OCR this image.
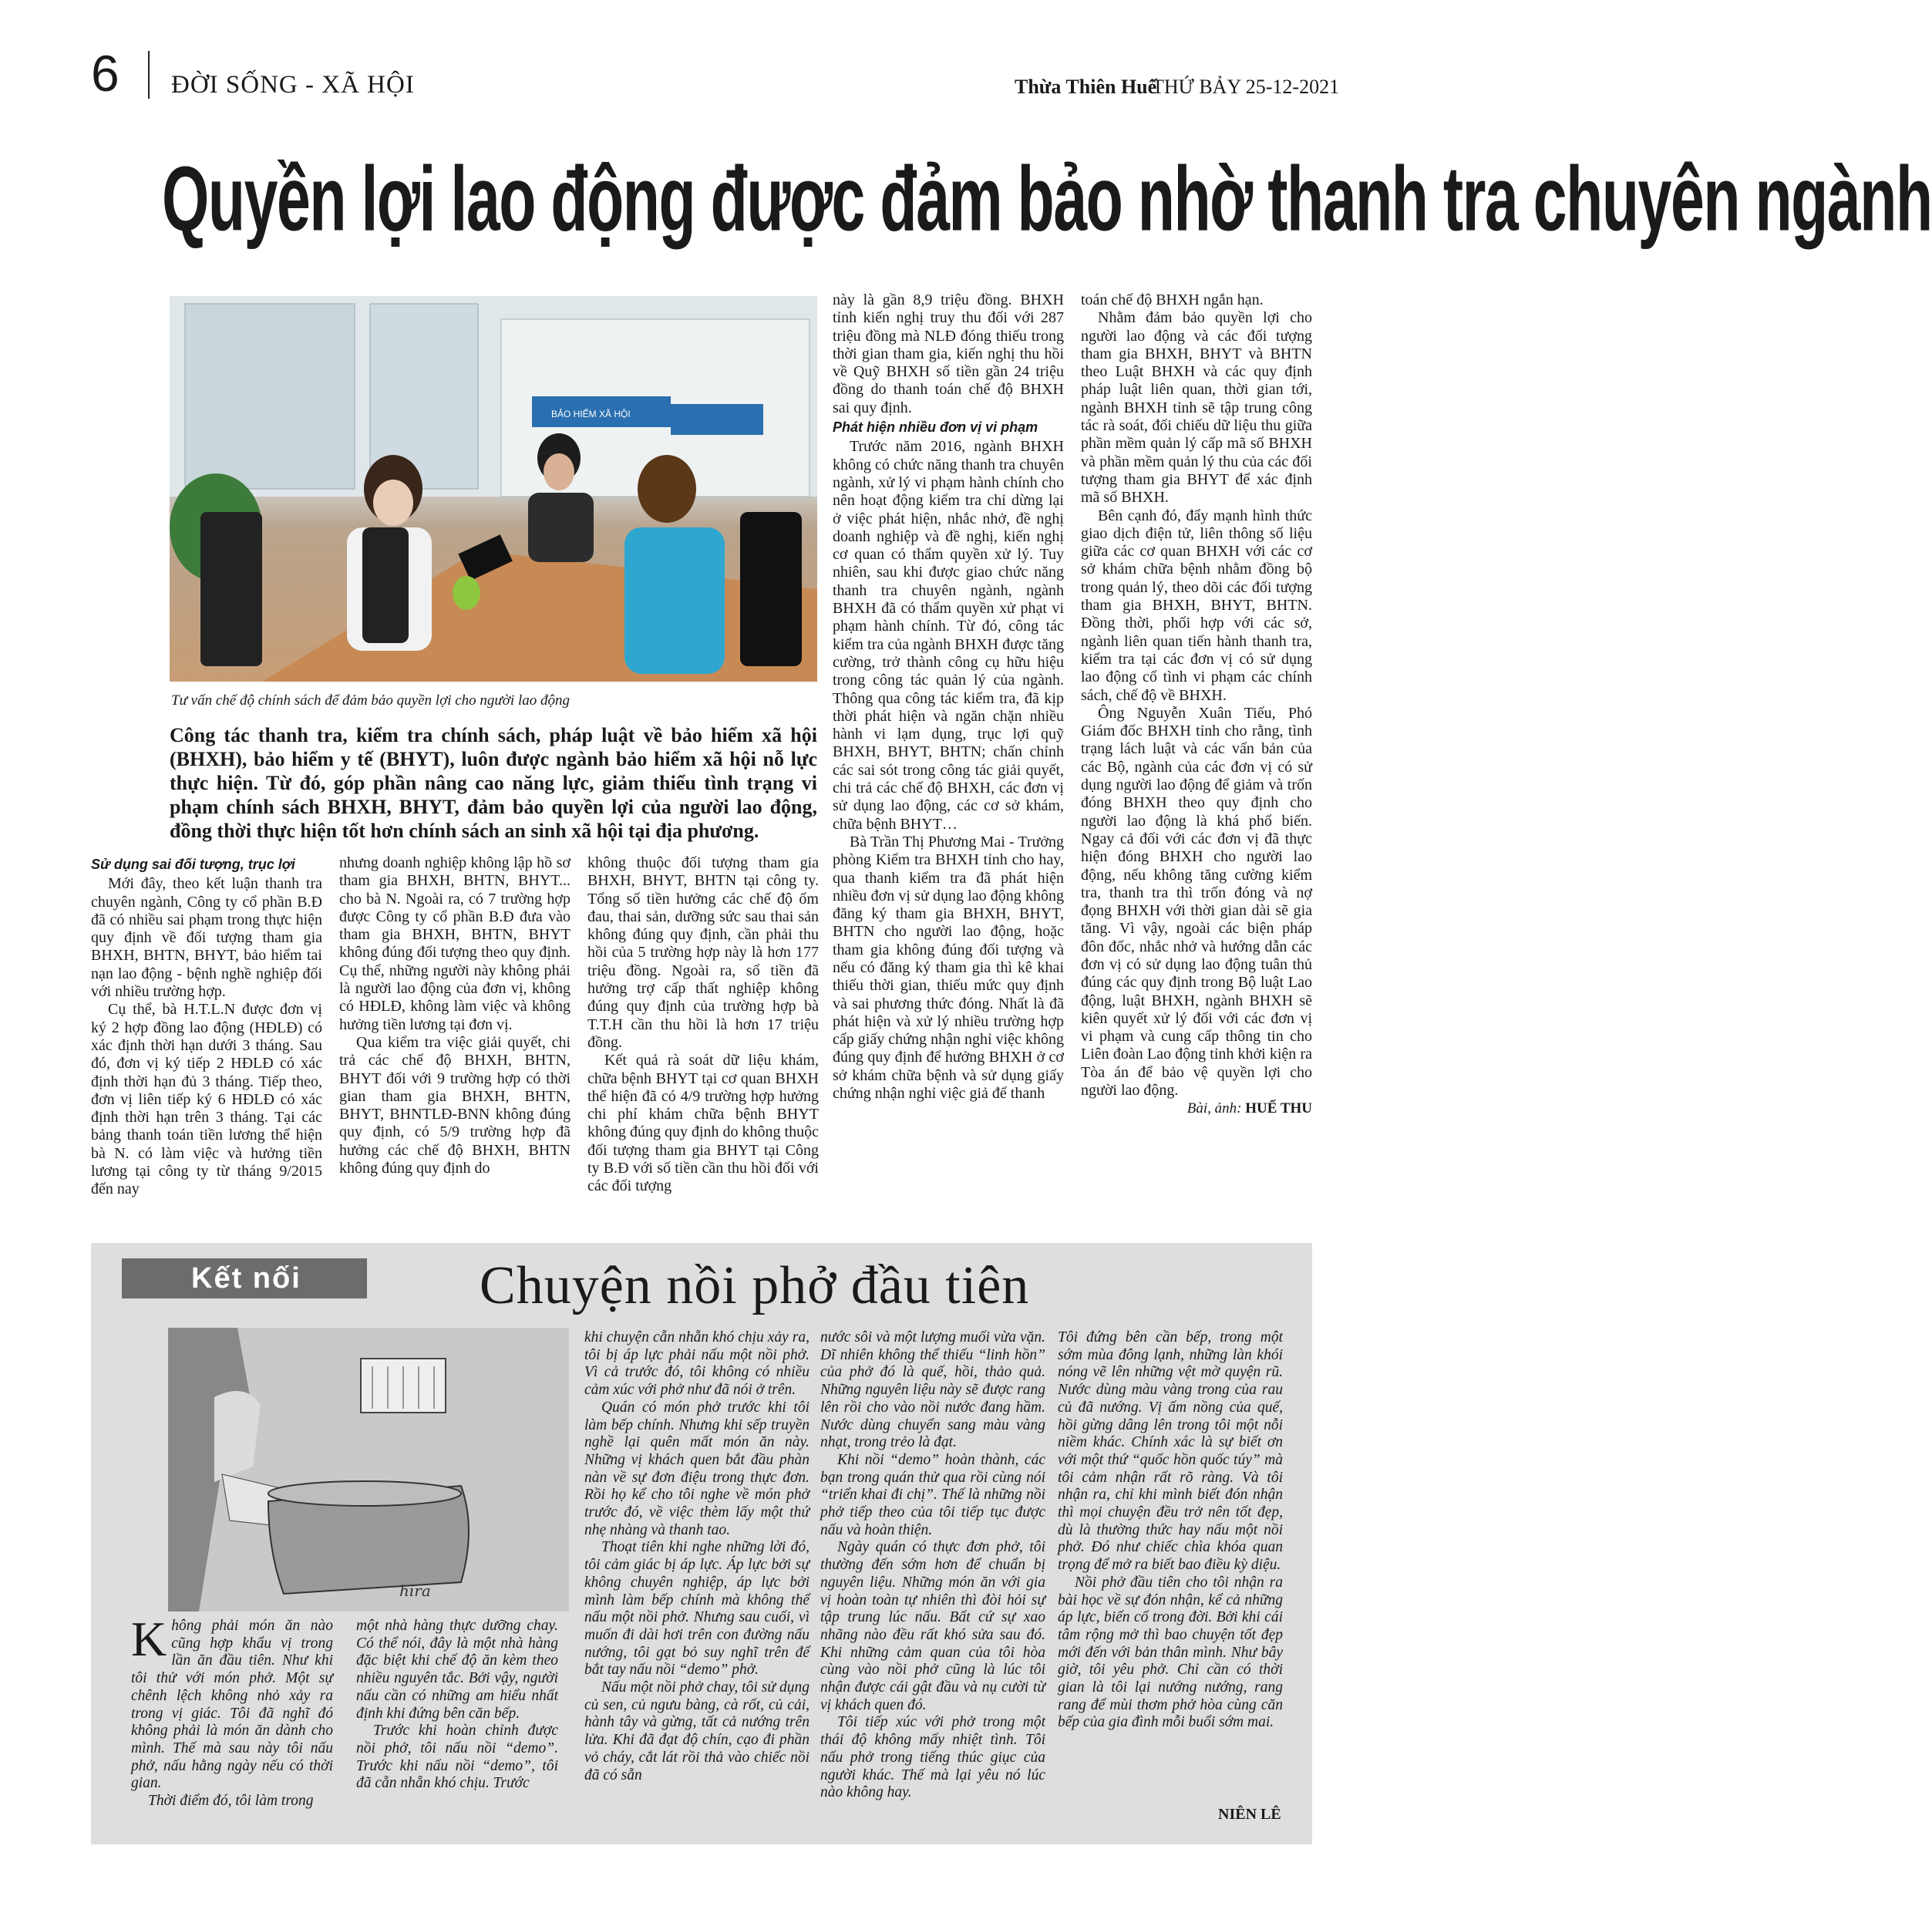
6 ĐỜI SỐNG - XÃ HỘI	Thừa Thiên Huế
THỨ BẢY 25-12-2021
Quyền lợi lao động được đảm bảo nhờ thanh tra chuyên ngành
BẢO HIỂM XÃ HỘI
Tư vấn chế độ chính sách để đảm bảo quyền lợi cho người lao động
Công tác thanh tra, kiểm tra chính sách, pháp luật về bảo hiểm xã hội (BHXH), bảo hiểm y tế (BHYT), luôn được ngành bảo hiểm xã hội nỗ lực thực hiện. Từ đó, góp phần nâng cao năng lực, giảm thiểu tình trạng vi phạm chính sách BHXH, BHYT, đảm bảo quyền lợi của người lao động, đồng thời thực hiện tốt hơn chính sách an sinh xã hội tại địa phương.
Sử dụng sai đối tượng, trục lợi

Mới đây, theo kết luận thanh tra chuyên ngành, Công ty cổ phần B.Đ đã có nhiều sai phạm trong thực hiện quy định về đối tượng tham gia BHXH, BHTN, BHYT, bảo hiểm tai nạn lao động - bệnh nghề nghiệp đối với nhiều trường hợp.

Cụ thể, bà H.T.L.N được đơn vị ký 2 hợp đồng lao động (HĐLĐ) có xác định thời hạn dưới 3 tháng. Sau đó, đơn vị ký tiếp 2 HĐLĐ có xác định thời hạn đủ 3 tháng. Tiếp theo, đơn vị liên tiếp ký 6 HĐLĐ có xác định thời hạn trên 3 tháng. Tại các bảng thanh toán tiền lương thể hiện bà N. có làm việc và hưởng tiền lương tại công ty từ tháng 9/2015 đến nay

nhưng doanh nghiệp không lập hồ sơ tham gia BHXH, BHTN, BHYT... cho bà N. Ngoài ra, có 7 trường hợp được Công ty cổ phần B.Đ đưa vào tham gia BHXH, BHTN, BHYT không đúng đối tượng theo quy định. Cụ thể, những người này không phải là người lao động của đơn vị, không có HĐLĐ, không làm việc và không hưởng tiền lương tại đơn vị.

Qua kiểm tra việc giải quyết, chi trả các chế độ BHXH, BHTN, BHYT đối với 9 trường hợp có thời gian tham gia BHXH, BHTN, BHYT, BHNTLĐ-BNN không đúng quy định, có 5/9 trường hợp đã hưởng các chế độ BHXH, BHTN không đúng quy định do

không thuộc đối tượng tham gia BHXH, BHYT, BHTN tại công ty. Tổng số tiền hưởng các chế độ ốm đau, thai sản, dưỡng sức sau thai sản không đúng quy định, cần phải thu hồi của 5 trường hợp này là hơn 177 triệu đồng. Ngoài ra, số tiền đã hưởng trợ cấp thất nghiệp không đúng quy định của trường hợp bà T.T.H cần thu hồi là hơn 17 triệu đồng.

Kết quả rà soát dữ liệu khám, chữa bệnh BHYT tại cơ quan BHXH thể hiện đã có 4/9 trường hợp hưởng chi phí khám chữa bệnh BHYT không đúng quy định do không thuộc đối tượng tham gia BHYT tại Công ty B.Đ với số tiền cần thu hồi đối với các đối tượng

này là gần 8,9 triệu đồng. BHXH tỉnh kiến nghị truy thu đối với 287 triệu đồng mà NLĐ đóng thiếu trong thời gian tham gia, kiến nghị thu hồi về Quỹ BHXH số tiền gần 24 triệu đồng do thanh toán chế độ BHXH sai quy định.

Phát hiện nhiều đơn vị vi phạm

Trước năm 2016, ngành BHXH không có chức năng thanh tra chuyên ngành, xử lý vi phạm hành chính cho nên hoạt động kiểm tra chỉ dừng lại ở việc phát hiện, nhắc nhở, đề nghị doanh nghiệp và đề nghị, kiến nghị cơ quan có thẩm quyền xử lý. Tuy nhiên, sau khi được giao chức năng thanh tra chuyên ngành, ngành BHXH đã có thẩm quyền xử phạt vi phạm hành chính. Từ đó, công tác kiểm tra của ngành BHXH được tăng cường, trở thành công cụ hữu hiệu trong công tác quản lý của ngành. Thông qua công tác kiểm tra, đã kịp thời phát hiện và ngăn chặn nhiều hành vi lạm dụng, trục lợi quỹ BHXH, BHYT, BHTN; chấn chỉnh các sai sót trong công tác giải quyết, chi trả các chế độ BHXH, các đơn vị sử dụng lao động, các cơ sở khám, chữa bệnh BHYT…

Bà Trần Thị Phương Mai - Trưởng phòng Kiểm tra BHXH tỉnh cho hay, qua thanh kiểm tra đã phát hiện nhiều đơn vị sử dụng lao động không đăng ký tham gia BHXH, BHYT, BHTN cho người lao động, hoặc tham gia không đúng đối tượng và nếu có đăng ký tham gia thì kê khai thiếu thời gian, thiếu mức quy định và sai phương thức đóng. Nhất là đã phát hiện và xử lý nhiều trường hợp cấp giấy chứng nhận nghỉ việc không đúng quy định để hưởng BHXH ở cơ sở khám chữa bệnh và sử dụng giấy chứng nhận nghỉ việc giả để thanh

toán chế độ BHXH ngắn hạn.

Nhằm đảm bảo quyền lợi cho người lao động và các đối tượng tham gia BHXH, BHYT và BHTN theo Luật BHXH và các quy định pháp luật liên quan, thời gian tới, ngành BHXH tỉnh sẽ tập trung công tác rà soát, đối chiếu dữ liệu thu giữa phần mềm quản lý cấp mã số BHXH và phần mềm quản lý thu của các đối tượng tham gia BHYT để xác định mã số BHXH.

Bên cạnh đó, đẩy mạnh hình thức giao dịch điện tử, liên thông số liệu giữa các cơ quan BHXH với các cơ sở khám chữa bệnh nhằm đồng bộ trong quản lý, theo dõi các đối tượng tham gia BHXH, BHYT, BHTN. Đồng thời, phối hợp với các sở, ngành liên quan tiến hành thanh tra, kiểm tra tại các đơn vị có sử dụng lao động cố tình vi phạm các chính sách, chế độ về BHXH.

Ông Nguyễn Xuân Tiếu, Phó Giám đốc BHXH tỉnh cho rằng, tình trạng lách luật và các vấn bản của các Bộ, ngành của các đơn vị có sử dụng người lao động để giảm và trốn đóng BHXH theo quy định cho người lao động là khá phổ biến. Ngay cả đối với các đơn vị đã thực hiện đóng BHXH cho người lao động, nếu không tăng cường kiểm tra, thanh tra thì trốn đóng và nợ đọng BHXH với thời gian dài sẽ gia tăng. Vì vậy, ngoài các biện pháp đôn đốc, nhắc nhở và hướng dẫn các đơn vị có sử dụng lao động tuân thủ đúng các quy định trong Bộ luật Lao động, luật BHXH, ngành BHXH sẽ kiên quyết xử lý đối với các đơn vị vi phạm và cung cấp thông tin cho Liên đoàn Lao động tỉnh khởi kiện ra Tòa án để bảo vệ quyền lợi cho người lao động.

Bài, ảnh: HUẾ THU
Kết nối	Chuyện nồi phở đầu tiên
hira

Không phải món ăn nào cũng hợp khẩu vị trong lần ăn đầu tiên. Như khi tôi thử với món phở. Một sự chênh lệch không nhỏ xảy ra trong vị giác. Tôi đã nghĩ đó không phải là món ăn dành cho mình. Thế mà sau này tôi nấu phở, nấu hằng ngày nếu có thời gian.

Thời điểm đó, tôi làm trong

một nhà hàng thực dưỡng chay. Có thể nói, đây là một nhà hàng đặc biệt khi chế độ ăn kèm theo nhiều nguyên tắc. Bởi vậy, người nấu cần có những am hiểu nhất định khi đứng bên căn bếp.

Trước khi hoàn chỉnh được nồi phở, tôi nấu nồi “demo”. Trước khi nấu nồi “demo”, tôi đã cẵn nhẵn khó chịu. Trước

khi chuyện cẵn nhẵn khó chịu xảy ra, tôi bị áp lực phải nấu một nồi phở. Vì cả trước đó, tôi không có nhiều cảm xúc với phở như đã nói ở trên.

Quán có món phở trước khi tôi làm bếp chính. Nhưng khi sếp truyền nghề lại quên mất món ăn này. Những vị khách quen bắt đầu phàn nàn về sự đơn điệu trong thực đơn. Rồi họ kể cho tôi nghe về món phở trước đó, về việc thèm lấy một thứ nhẹ nhàng và thanh tao.

Thoạt tiên khi nghe những lời đó, tôi cảm giác bị áp lực. Áp lực bởi sự không chuyên nghiệp, áp lực bởi mình làm bếp chính mà không thể nấu một nồi phở. Nhưng sau cuối, vì muốn đi dài hơi trên con đường nấu nướng, tôi gạt bỏ suy nghĩ trên để bắt tay nấu nồi “demo” phở.

Nấu một nồi phở chay, tôi sử dụng củ sen, củ ngưu bàng, cà rốt, củ cải, hành tây và gừng, tất cả nướng trên lửa. Khi đã đạt độ chín, cạo đi phần vỏ cháy, cắt lát rồi thả vào chiếc nồi đã có sẵn

nước sôi và một lượng muối vừa vặn. Dĩ nhiên không thể thiếu “linh hồn” của phở đó là quế, hồi, thảo quả. Những nguyên liệu này sẽ được rang lên rồi cho vào nồi nước đang hầm. Nước dùng chuyển sang màu vàng nhạt, trong trẻo là đạt.

Khi nồi “demo” hoàn thành, các bạn trong quán thử qua rồi cùng nói “triển khai đi chị”. Thế là những nồi phở tiếp theo của tôi tiếp tục được nấu và hoàn thiện.

Ngày quán có thực đơn phở, tôi thường đến sớm hơn để chuẩn bị nguyên liệu. Những món ăn với gia vị hoàn toàn tự nhiên thì đòi hỏi sự tập trung lúc nấu. Bất cứ sự xao nhãng nào đều rất khó sửa sau đó. Khi những cảm quan của tôi hòa cùng vào nồi phở cũng là lúc tôi nhận được cái gật đầu và nụ cười từ vị khách quen đó.

Tôi tiếp xúc với phở trong một thái độ không mấy nhiệt tình. Tôi nấu phở trong tiếng thúc giục của người khác. Thế mà lại yêu nó lúc nào không hay.

Tôi đứng bên cần bếp, trong một sớm mùa đông lạnh, những làn khói nóng vẽ lên những vệt mờ quyện rũ. Nước dùng màu vàng trong của rau củ đã nướng. Vị ấm nồng của quế, hồi gừng dâng lên trong tôi một nỗi niềm khác. Chính xác là sự biết ơn với một thứ “quốc hồn quốc túy” mà tôi cảm nhận rất rõ ràng. Và tôi nhận ra, chỉ khi mình biết đón nhận thì mọi chuyện đều trở nên tốt đẹp, dù là thường thức hay nấu một nồi phở. Đó như chiếc chìa khóa quan trọng để mở ra biết bao điều kỳ diệu.

Nồi phở đầu tiên cho tôi nhận ra bài học về sự đón nhận, kể cả những áp lực, biến cố trong đời. Bởi khi cái tâm rộng mở thì bao chuyện tốt đẹp mới đến với bản thân mình. Như bây giờ, tôi yêu phở. Chỉ cần có thời gian là tôi lại nướng nướng, rang rang để mùi thơm phở hòa cùng căn bếp của gia đình mỗi buổi sớm mai.

NIÊN LÊ
